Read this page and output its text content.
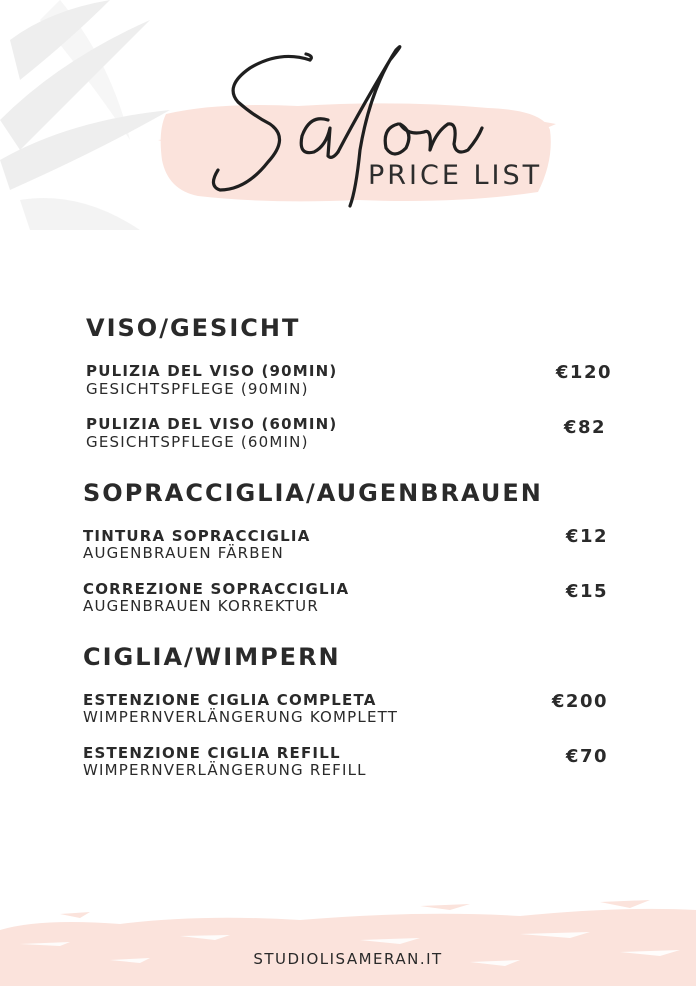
PRICE LIST
VISO/GESICHT
PULIZIA DEL VISO (90MIN)
GESICHTSPFLEGE (90MIN)
€120
PULIZIA DEL VISO (60MIN)
GESICHTSPFLEGE (60MIN)
€82
SOPRACCIGLIA/AUGENBRAUEN
TINTURA SOPRACCIGLIA
AUGENBRAUEN FÄRBEN
€12
CORREZIONE SOPRACCIGLIA
AUGENBRAUEN KORREKTUR
€15
CIGLIA/WIMPERN
ESTENZIONE CIGLIA COMPLETA
WIMPERNVERLÄNGERUNG KOMPLETT
€200
ESTENZIONE CIGLIA REFILL
WIMPERNVERLÄNGERUNG REFILL
€70
STUDIOLISAMERAN.IT
